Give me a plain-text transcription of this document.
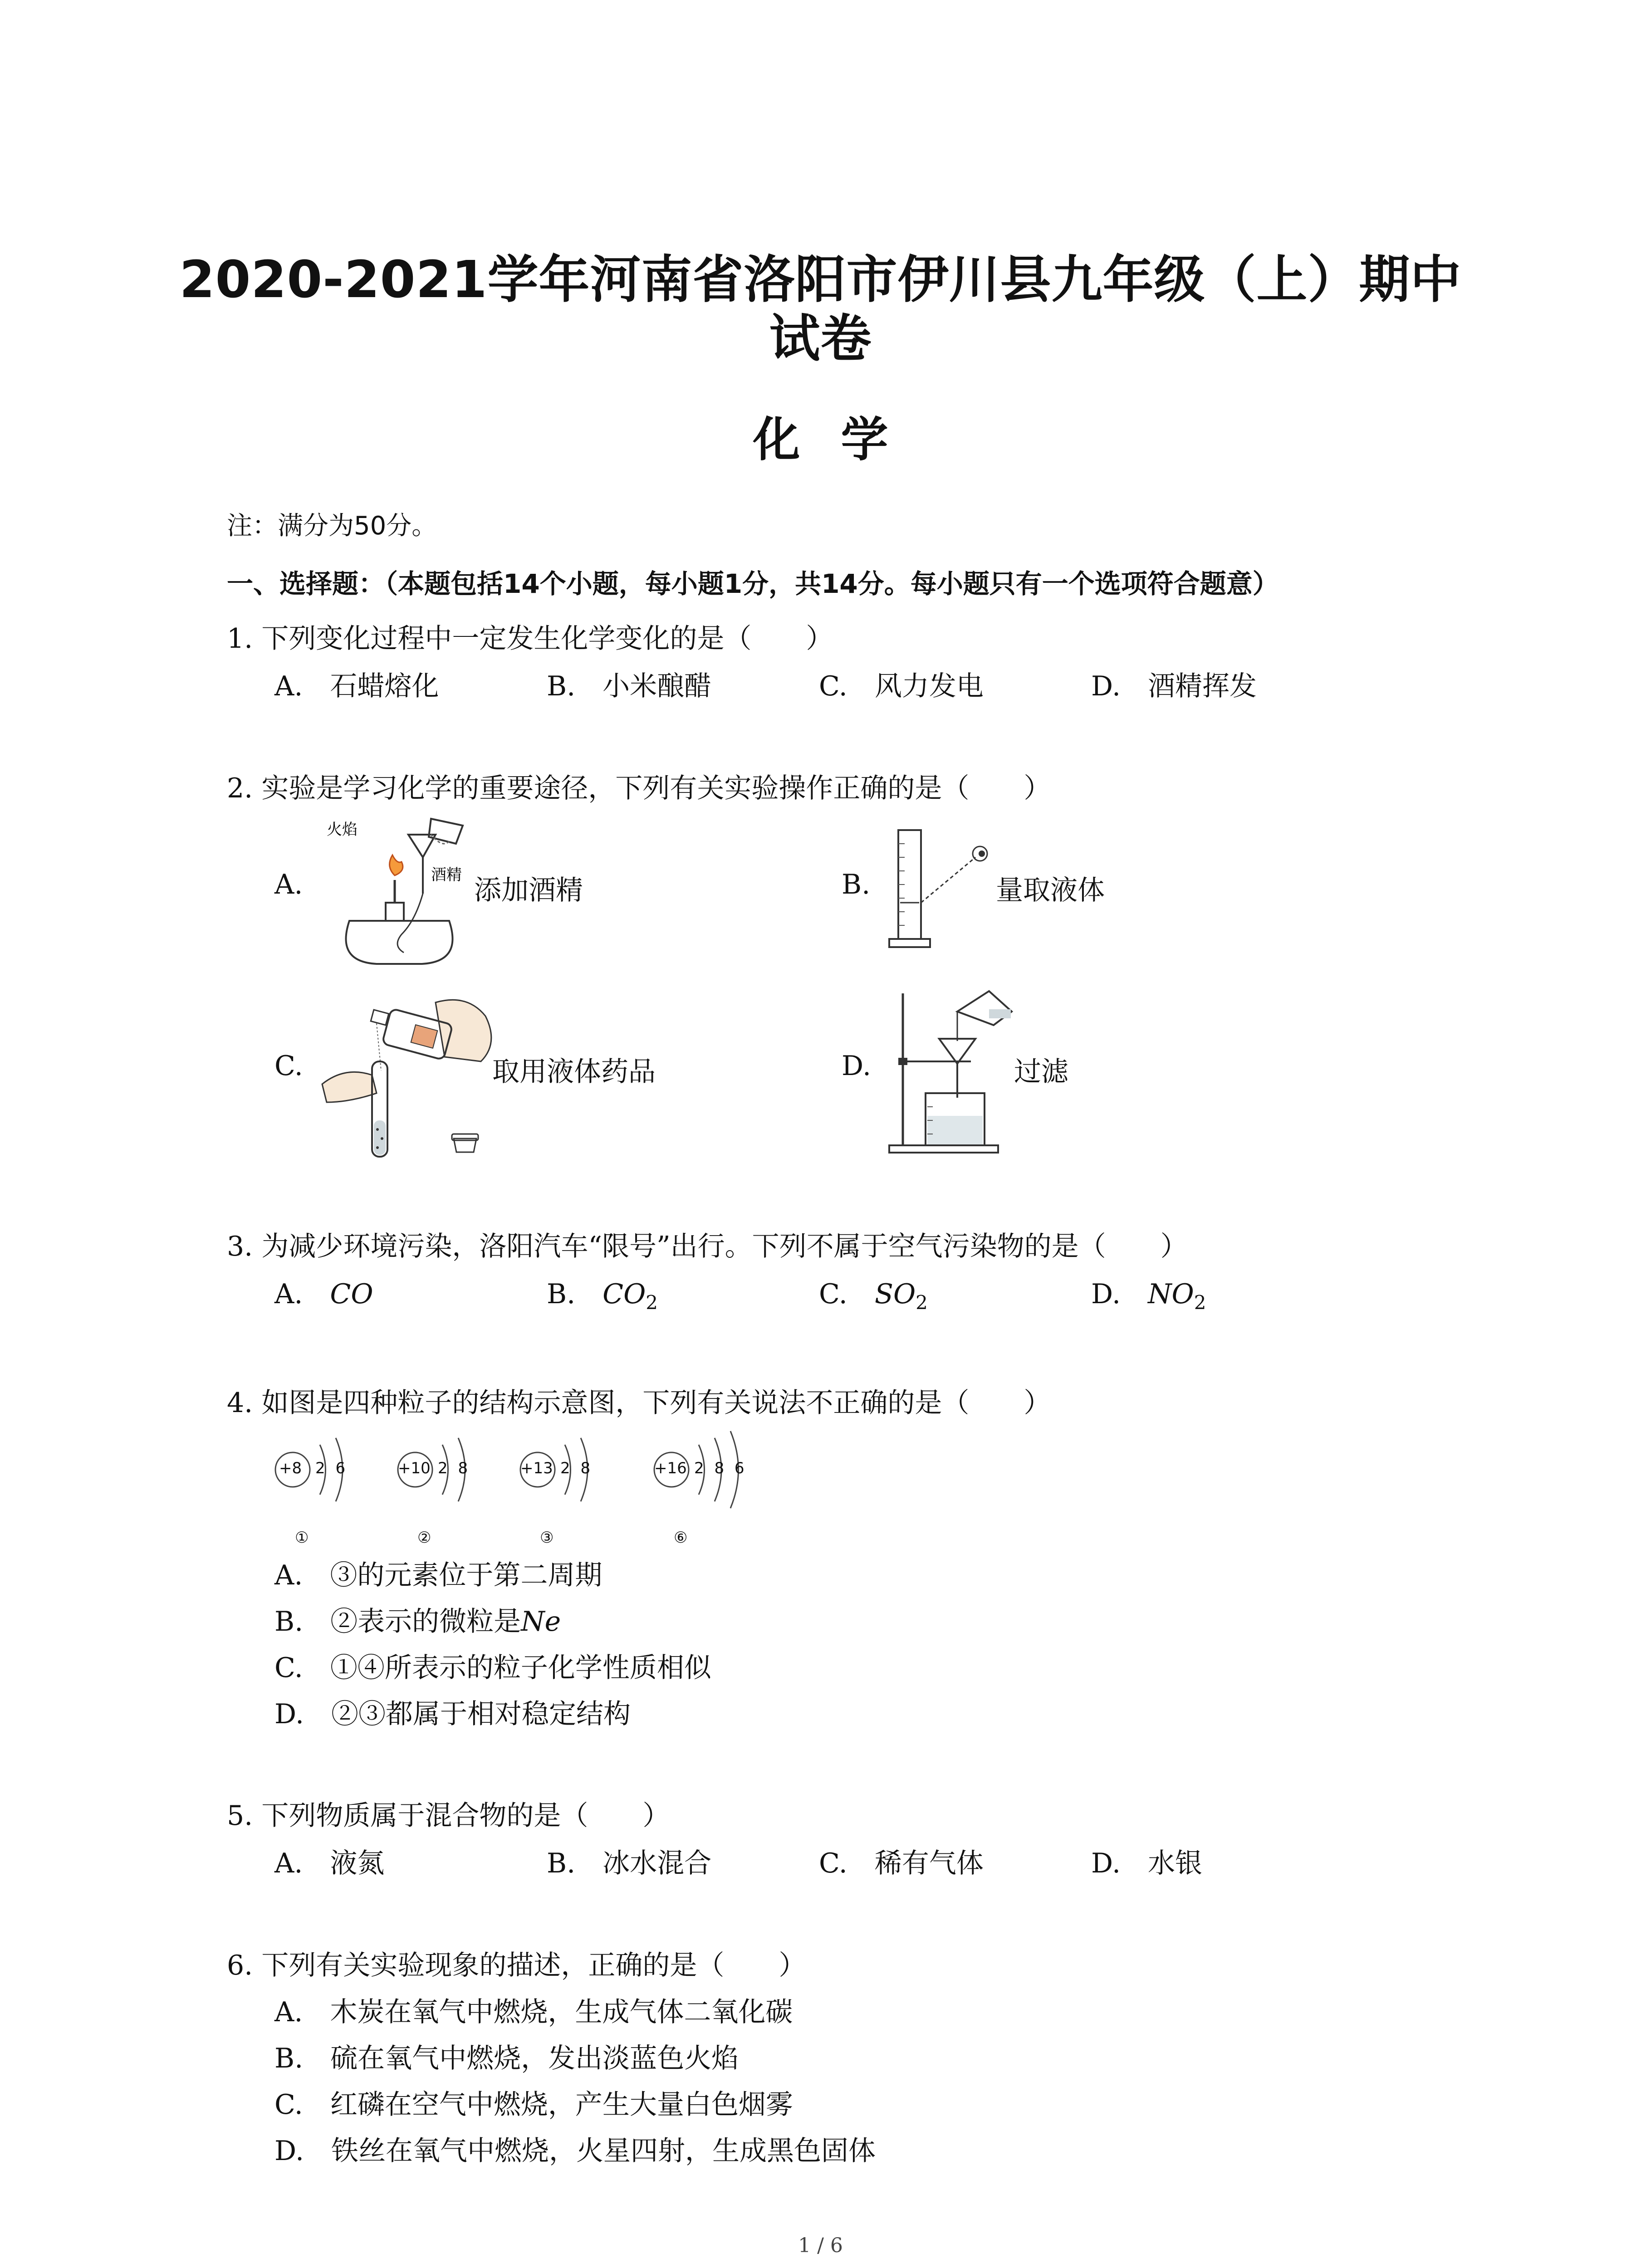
2020-2021学年河南省洛阳市伊川县九年级（上）期中
试卷
化学
注：满分为50分。
一、选择题：（本题包括14个小题，每小题1分，共14分。每小题只有一个选项符合题意）
1. 下列变化过程中一定发生化学变化的是（　　）
A.　石蜡熔化	B.　小米酿醋	C.　风力发电	D.　酒精挥发
2. 实验是学习化学的重要途径，下列有关实验操作正确的是（　　）
A.
火焰
酒精 添加酒精	B.	量取液体
C.	取用液体药品	D.	过滤
3. 为减少环境污染，洛阳汽车“限号”出行。下列不属于空气污染物的是（　　）
A.　 CO	B.　 $CO_2$	C.　 $SO_2$	D.　 $NO_2$
4. 如图是四种粒子的结构示意图，下列有关说法不正确的是（　　）
+8 2 6
①
+10 2 8
②
+13 2 8
③
+16 2 8 6
⑥
A.　③的元素位于第二周期
B.　②表示的微粒是Ne
C.　①④所表示的粒子化学性质相似
D.　②③都属于相对稳定结构
5. 下列物质属于混合物的是（　　）
A.　液氮	B.　冰水混合	C.　稀有气体	D.　水银
6. 下列有关实验现象的描述，正确的是（　　）
A.　木炭在氧气中燃烧，生成气体二氧化碳
B.　硫在氧气中燃烧，发出淡蓝色火焰
C.　红磷在空气中燃烧，产生大量白色烟雾
D.　铁丝在氧气中燃烧，火星四射，生成黑色固体
1 / 6
